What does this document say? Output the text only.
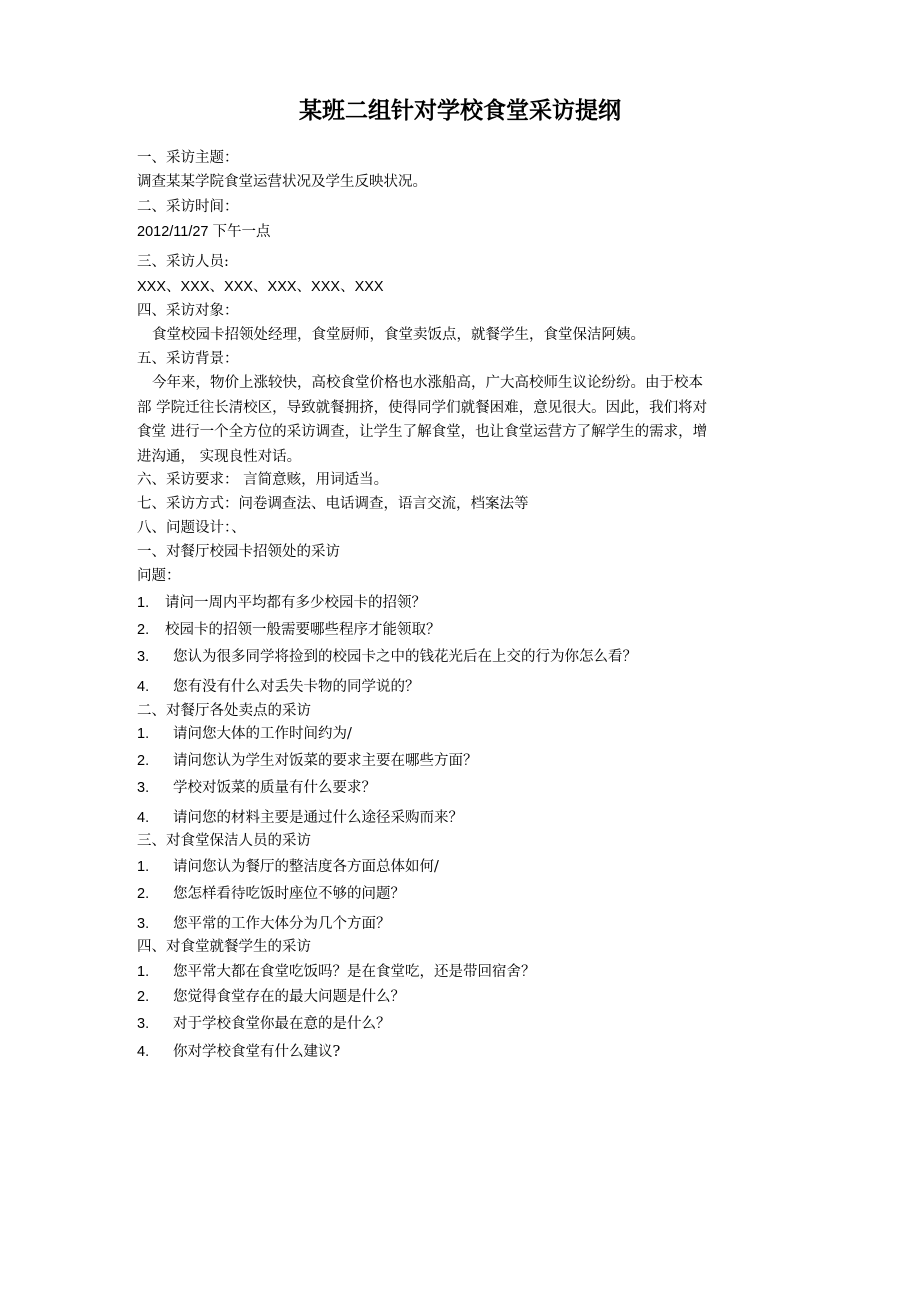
某班二组针对学校食堂采访提纲
一、采访主题：
调查某某学院食堂运营状况及学生反映状况。
二、采访时间：
2012/11/27 下午一点
三、采访人员:
XXX、XXX、XXX、XXX、XXX、XXX
四、采访对象：
食堂校园卡招领处经理，食堂厨师，食堂卖饭点，就餐学生，食堂保洁阿姨。
五、采访背景：
今年来，物价上涨较快，高校食堂价格也水涨船高，广大高校师生议论纷纷。由于校本
部 学院迁往长清校区，导致就餐拥挤，使得同学们就餐困难，意见很大。因此，我们将对
食堂 进行一个全方位的采访调查，让学生了解食堂，也让食堂运营方了解学生的需求，增
进沟通， 实现良性对话。
六、采访要求： 言简意赅，用词适当。
七、采访方式：问卷调查法、电话调查，语言交流，档案法等
八、问题设计：、
一、对餐厅校园卡招领处的采访
问题：
1. 请问一周内平均都有多少校园卡的招领？
2. 校园卡的招领一般需要哪些程序才能领取？
3. 您认为很多同学将捡到的校园卡之中的钱花光后在上交的行为你怎么看？
4. 您有没有什么对丢失卡物的同学说的？
二、对餐厅各处卖点的采访
1. 请问您大体的工作时间约为/
2. 请问您认为学生对饭菜的要求主要在哪些方面？
3. 学校对饭菜的质量有什么要求？
4. 请问您的材料主要是通过什么途径采购而来？
三、对食堂保洁人员的采访
1. 请问您认为餐厅的整洁度各方面总体如何/
2. 您怎样看待吃饭时座位不够的问题？
3. 您平常的工作大体分为几个方面？
四、对食堂就餐学生的采访
1. 您平常大都在食堂吃饭吗？是在食堂吃，还是带回宿舍？
2. 您觉得食堂存在的最大问题是什么？
3. 对于学校食堂你最在意的是什么？
4. 你对学校食堂有什么建议?
